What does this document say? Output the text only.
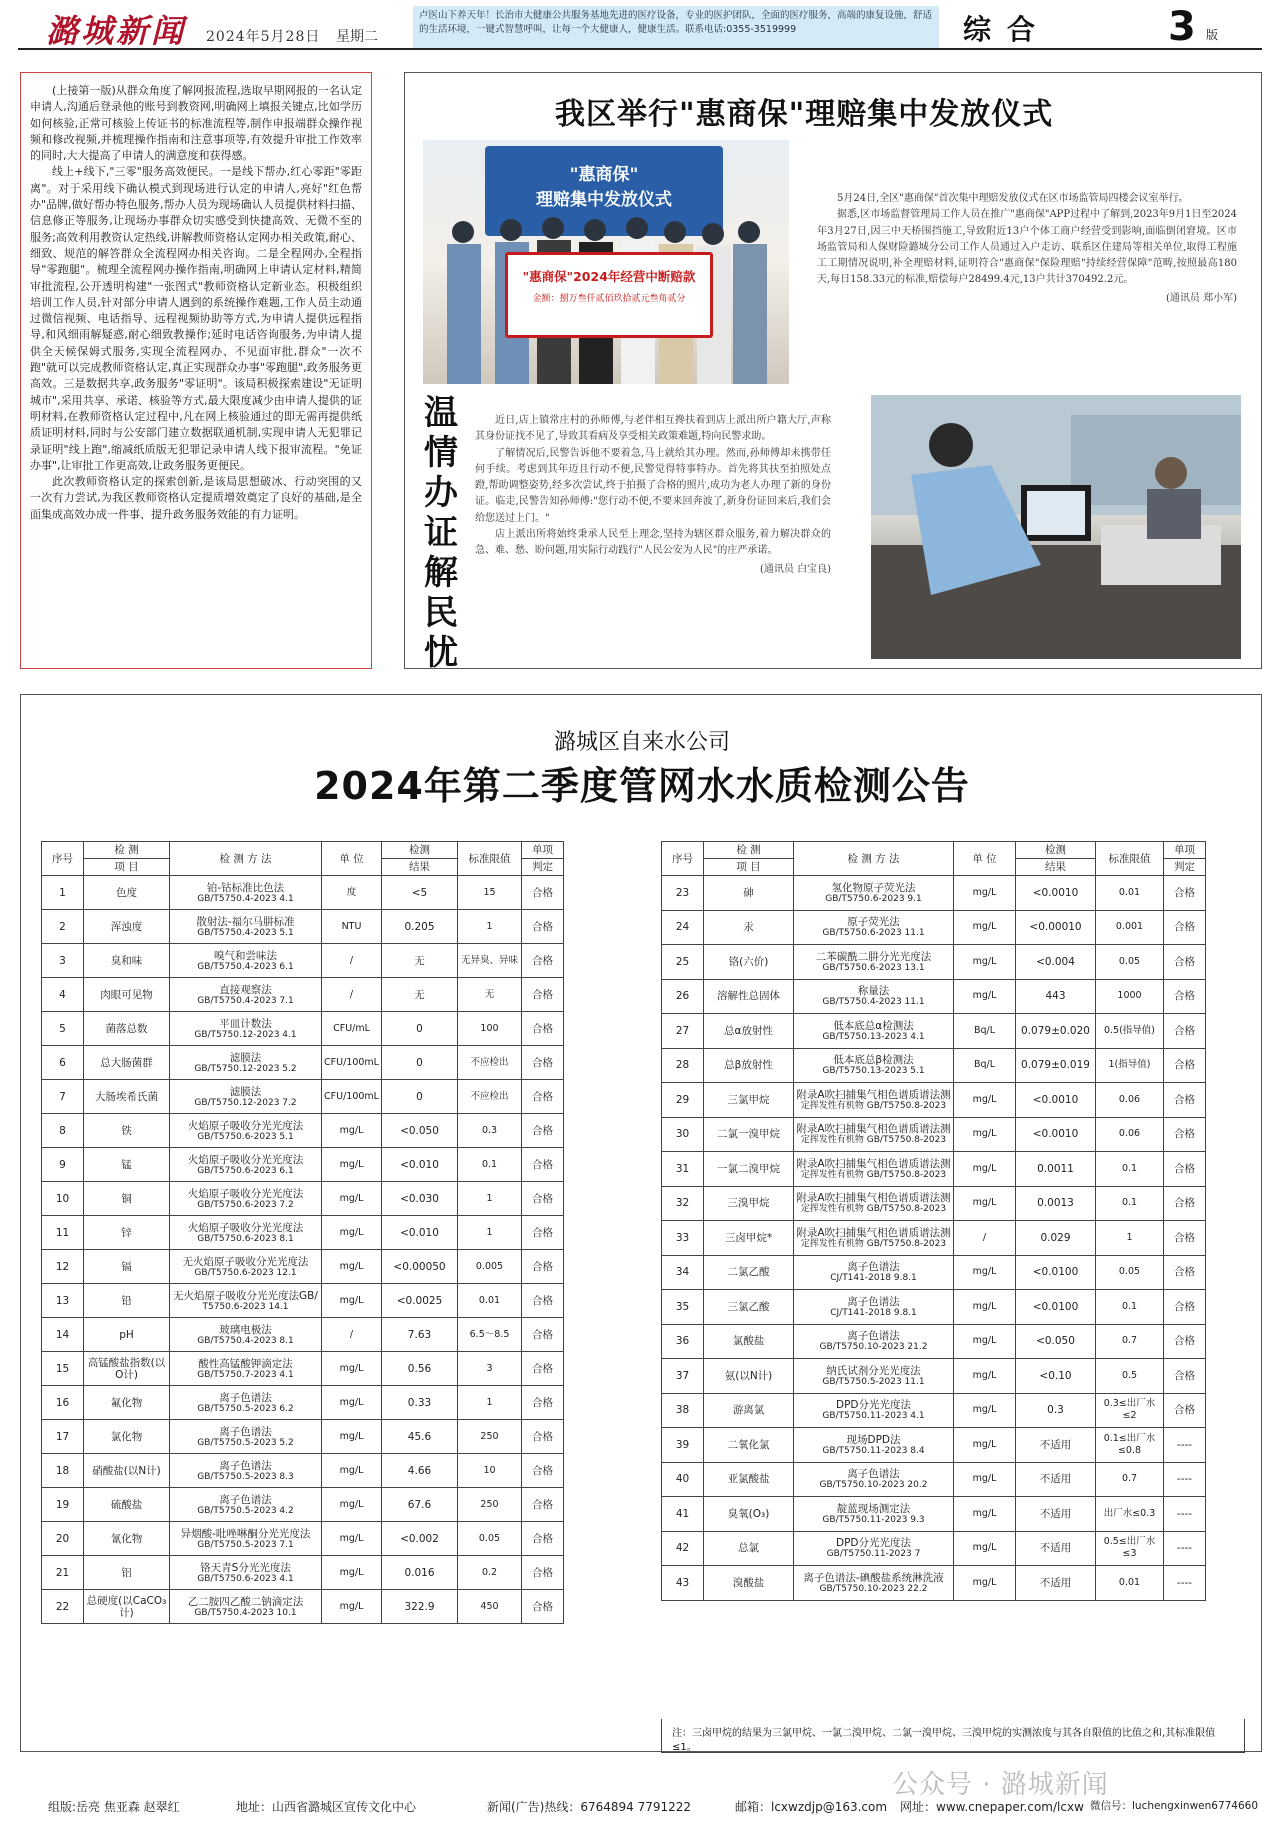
潞城新闻 2024年5月28日 星期二
卢医山下养天年！长治市大健康公共服务基地先进的医疗设备，专业的医护团队，全面的医疗服务，高端的康复设施，舒适的生活环境，一键式智慧呼叫，让每一个大健康人，健康生活。联系电话:0355-3519999	综合	3 版

(上接第一版)从群众角度了解网报流程,选取早期网报的一名认定申请人,沟通后登录他的账号到教资网,明确网上填报关键点,比如学历如何核验,正常可核验上传证书的标准流程等,制作申报端群众操作视频和修改视频,并梳理操作指南和注意事项等,有效提升审批工作效率的同时,大大提高了申请人的满意度和获得感。

线上+线下,"三零"服务高效便民。一是线下帮办,红心零距"零距离"。对于采用线下确认模式到现场进行认定的申请人,亮好"红色帮办"品牌,做好帮办特色服务,帮办人员为现场确认人员提供材料扫描、信息修正等服务,让现场办事群众切实感受到快捷高效、无微不至的服务;高效利用教资认定热线,讲解教师资格认定网办相关政策,耐心、细致、规范的解答群众全流程网办相关咨询。二是全程网办,全程指导"零跑腿"。梳理全流程网办操作指南,明确网上申请认定材料,精简审批流程,公开透明构建"一张图式"教师资格认定新业态。积极组织培训工作人员,针对部分申请人遇到的系统操作难题,工作人员主动通过微信视频、电话指导、远程视频协助等方式,为申请人提供远程指导,和风细雨解疑惑,耐心细致教操作;延时电话咨询服务,为申请人提供全天候保姆式服务,实现全流程网办、不见面审批,群众"一次不跑"就可以完成教师资格认定,真正实现群众办事"零跑腿",政务服务更高效。三是数据共享,政务服务"零证明"。该局积极探索建设"无证明城市",采用共享、承诺、核验等方式,最大限度减少由申请人提供的证明材料,在教师资格认定过程中,凡在网上核验通过的即无需再提供纸质证明材料,同时与公安部门建立数据联通机制,实现申请人无犯罪记录证明"线上跑",缩减纸质版无犯罪记录申请人线下报审流程。"免证办事",让审批工作更高效,让政务服务更便民。

此次教师资格认定的探索创新,是该局思想破冰、行动突围的又一次有力尝试,为我区教师资格认定提质增效奠定了良好的基础,是全面集成高效办成一件事、提升政务服务效能的有力证明。

我区举行"惠商保"理赔集中发放仪式
"惠商保"
理赔集中发放仪式
"惠商保"2024年经营中断赔款
金额：捌万叁仟贰佰玖拾贰元叁角贰分

5月24日,全区"惠商保"首次集中理赔发放仪式在区市场监管局四楼会议室举行。

据悉,区市场监督管理局工作人员在推广"惠商保"APP过程中了解到,2023年9月1日至2024年3月27日,因三中天桥围挡施工,导致附近13户个体工商户经营受到影响,面临倒闭窘境。区市场监管局和人保财险潞城分公司工作人员通过入户走访、联系区住建局等相关单位,取得工程施工工期情况说明,补全理赔材料,证明符合"惠商保"保险理赔"持续经营保障"范畴,按照最高180天,每日158.33元的标准,赔偿每户28499.4元,13户共计370492.2元。

(通讯员 郑小军)
温情办证解民忧

近日,店上镇常庄村的孙师傅,与老伴相互搀扶着到店上派出所户籍大厅,声称其身份证找不见了,导致其看病及享受相关政策难题,特向民警求助。

了解情况后,民警告诉他不要着急,马上就给其办理。然而,孙师傅却未携带任何手续。考虑到其年迈且行动不便,民警觉得特事特办。首先将其扶至拍照处点蹬,帮助调整姿势,经多次尝试,终于拍摄了合格的照片,成功为老人办理了新的身份证。临走,民警告知孙师傅:"您行动不便,不要来回奔波了,新身份证回来后,我们会给您送过上门。"

店上派出所将始终秉承人民至上理念,坚持为辖区群众服务,着力解决群众的急、难、愁、盼问题,用实际行动践行"人民公安为人民"的庄严承诺。

(通讯员 白宝良)
潞城区自来水公司
2024年第二季度管网水水质检测公告
序号	检 测	检 测 方 法	单 位	检测	标准限值	单项
	项 目			结果		判定
1	色度	铂-钴标准比色法
GB/T5750.4-2023 4.1	度	<5	15	合格
2	浑浊度	散射法-福尔马肼标准
GB/T5750.4-2023 5.1	NTU	0.205	1	合格
3	臭和味	嗅气和尝味法
GB/T5750.4-2023 6.1	/	无	无异臭、异味	合格
4	肉眼可见物	直接观察法
GB/T5750.4-2023 7.1	/	无	无	合格
5	菌落总数	平皿计数法
GB/T5750.12-2023 4.1	CFU/mL	0	100	合格
6	总大肠菌群	滤膜法
GB/T5750.12-2023 5.2	CFU/100mL	0	不应检出	合格
7	大肠埃希氏菌	滤膜法
GB/T5750.12-2023 7.2	CFU/100mL	0	不应检出	合格
8	铁	火焰原子吸收分光光度法
GB/T5750.6-2023 5.1	mg/L	<0.050	0.3	合格
9	锰	火焰原子吸收分光光度法
GB/T5750.6-2023 6.1	mg/L	<0.010	0.1	合格
10	铜	火焰原子吸收分光光度法
GB/T5750.6-2023 7.2	mg/L	<0.030	1	合格
11	锌	火焰原子吸收分光光度法
GB/T5750.6-2023 8.1	mg/L	<0.010	1	合格
12	镉	无火焰原子吸收分光光度法
GB/T5750.6-2023 12.1	mg/L	<0.00050	0.005	合格
13	铅	无火焰原子吸收分光光度法GB/
T5750.6-2023 14.1	mg/L	<0.0025	0.01	合格
14	pH	玻璃电极法
GB/T5750.4-2023 8.1	/	7.63	6.5～8.5	合格
15	高锰酸盐指数(以O计)	酸性高锰酸钾滴定法
GB/T5750.7-2023 4.1	mg/L	0.56	3	合格
16	氟化物	离子色谱法
GB/T5750.5-2023 6.2	mg/L	0.33	1	合格
17	氯化物	离子色谱法
GB/T5750.5-2023 5.2	mg/L	45.6	250	合格
18	硝酸盐(以N计)	离子色谱法
GB/T5750.5-2023 8.3	mg/L	4.66	10	合格
19	硫酸盐	离子色谱法
GB/T5750.5-2023 4.2	mg/L	67.6	250	合格
20	氰化物	异烟酸-吡唑啉酮分光光度法
GB/T5750.5-2023 7.1	mg/L	<0.002	0.05	合格
21	铝	铬天青S分光光度法
GB/T5750.6-2023 4.1	mg/L	0.016	0.2	合格
22	总硬度(以CaCO₃计)	乙二胺四乙酸二钠滴定法
GB/T5750.4-2023 10.1	mg/L	322.9	450	合格
序号	检 测	检 测 方 法	单 位	检测	标准限值	单项
	项 目			结果		判定
23	砷	氢化物原子荧光法
GB/T5750.6-2023 9.1	mg/L	<0.0010	0.01	合格
24	汞	原子荧光法
GB/T5750.6-2023 11.1	mg/L	<0.00010	0.001	合格
25	铬(六价)	二苯碳酰二肼分光光度法
GB/T5750.6-2023 13.1	mg/L	<0.004	0.05	合格
26	溶解性总固体	称量法
GB/T5750.4-2023 11.1	mg/L	443	1000	合格
27	总α放射性	低本底总α检测法
GB/T5750.13-2023 4.1	Bq/L	0.079±0.020	0.5(指导值)	合格
28	总β放射性	低本底总β检测法
GB/T5750.13-2023 5.1	Bq/L	0.079±0.019	1(指导值)	合格
29	三氯甲烷	附录A吹扫捕集气相色谱质谱法测
定挥发性有机物 GB/T5750.8-2023	mg/L	<0.0010	0.06	合格
30	二氯一溴甲烷	附录A吹扫捕集气相色谱质谱法测
定挥发性有机物 GB/T5750.8-2023	mg/L	<0.0010	0.06	合格
31	一氯二溴甲烷	附录A吹扫捕集气相色谱质谱法测
定挥发性有机物 GB/T5750.8-2023	mg/L	0.0011	0.1	合格
32	三溴甲烷	附录A吹扫捕集气相色谱质谱法测
定挥发性有机物 GB/T5750.8-2023	mg/L	0.0013	0.1	合格
33	三卤甲烷*	附录A吹扫捕集气相色谱质谱法测
定挥发性有机物 GB/T5750.8-2023	/	0.029	1	合格
34	二氯乙酸	离子色谱法
CJ/T141-2018 9.8.1	mg/L	<0.0100	0.05	合格
35	三氯乙酸	离子色谱法
CJ/T141-2018 9.8.1	mg/L	<0.0100	0.1	合格
36	氯酸盐	离子色谱法
GB/T5750.10-2023 21.2	mg/L	<0.050	0.7	合格
37	氨(以N计)	纳氏试剂分光光度法
GB/T5750.5-2023 11.1	mg/L	<0.10	0.5	合格
38	游离氯	DPD分光光度法
GB/T5750.11-2023 4.1	mg/L	0.3	0.3≤出厂水≤2	合格
39	二氧化氯	现场DPD法
GB/T5750.11-2023 8.4	mg/L	不适用	0.1≤出厂水≤0.8	----
40	亚氯酸盐	离子色谱法
GB/T5750.10-2023 20.2	mg/L	不适用	0.7	----
41	臭氧(O₃)	靛蓝现场测定法
GB/T5750.11-2023 9.3	mg/L	不适用	出厂水≤0.3	----
42	总氯	DPD分光光度法
GB/T5750.11-2023 7	mg/L	不适用	0.5≤出厂水≤3	----
43	溴酸盐	离子色谱法-碘酸盐系统淋洗液
GB/T5750.10-2023 22.2	mg/L	不适用	0.01	----
注：三卤甲烷的结果为三氯甲烷、一氯二溴甲烷、二氯一溴甲烷、三溴甲烷的实测浓度与其各自限值的比值之和,其标准限值≤1。
公众号 · 潞城新闻
组版:岳亮 焦亚森 赵翠红	地址：山西省潞城区宣传文化中心	新闻(广告)热线：6764894 7791222	邮箱：lcxwzdjp@163.com 网址：www.cnepaper.com/lcxw 微信号：luchengxinwen6774660
